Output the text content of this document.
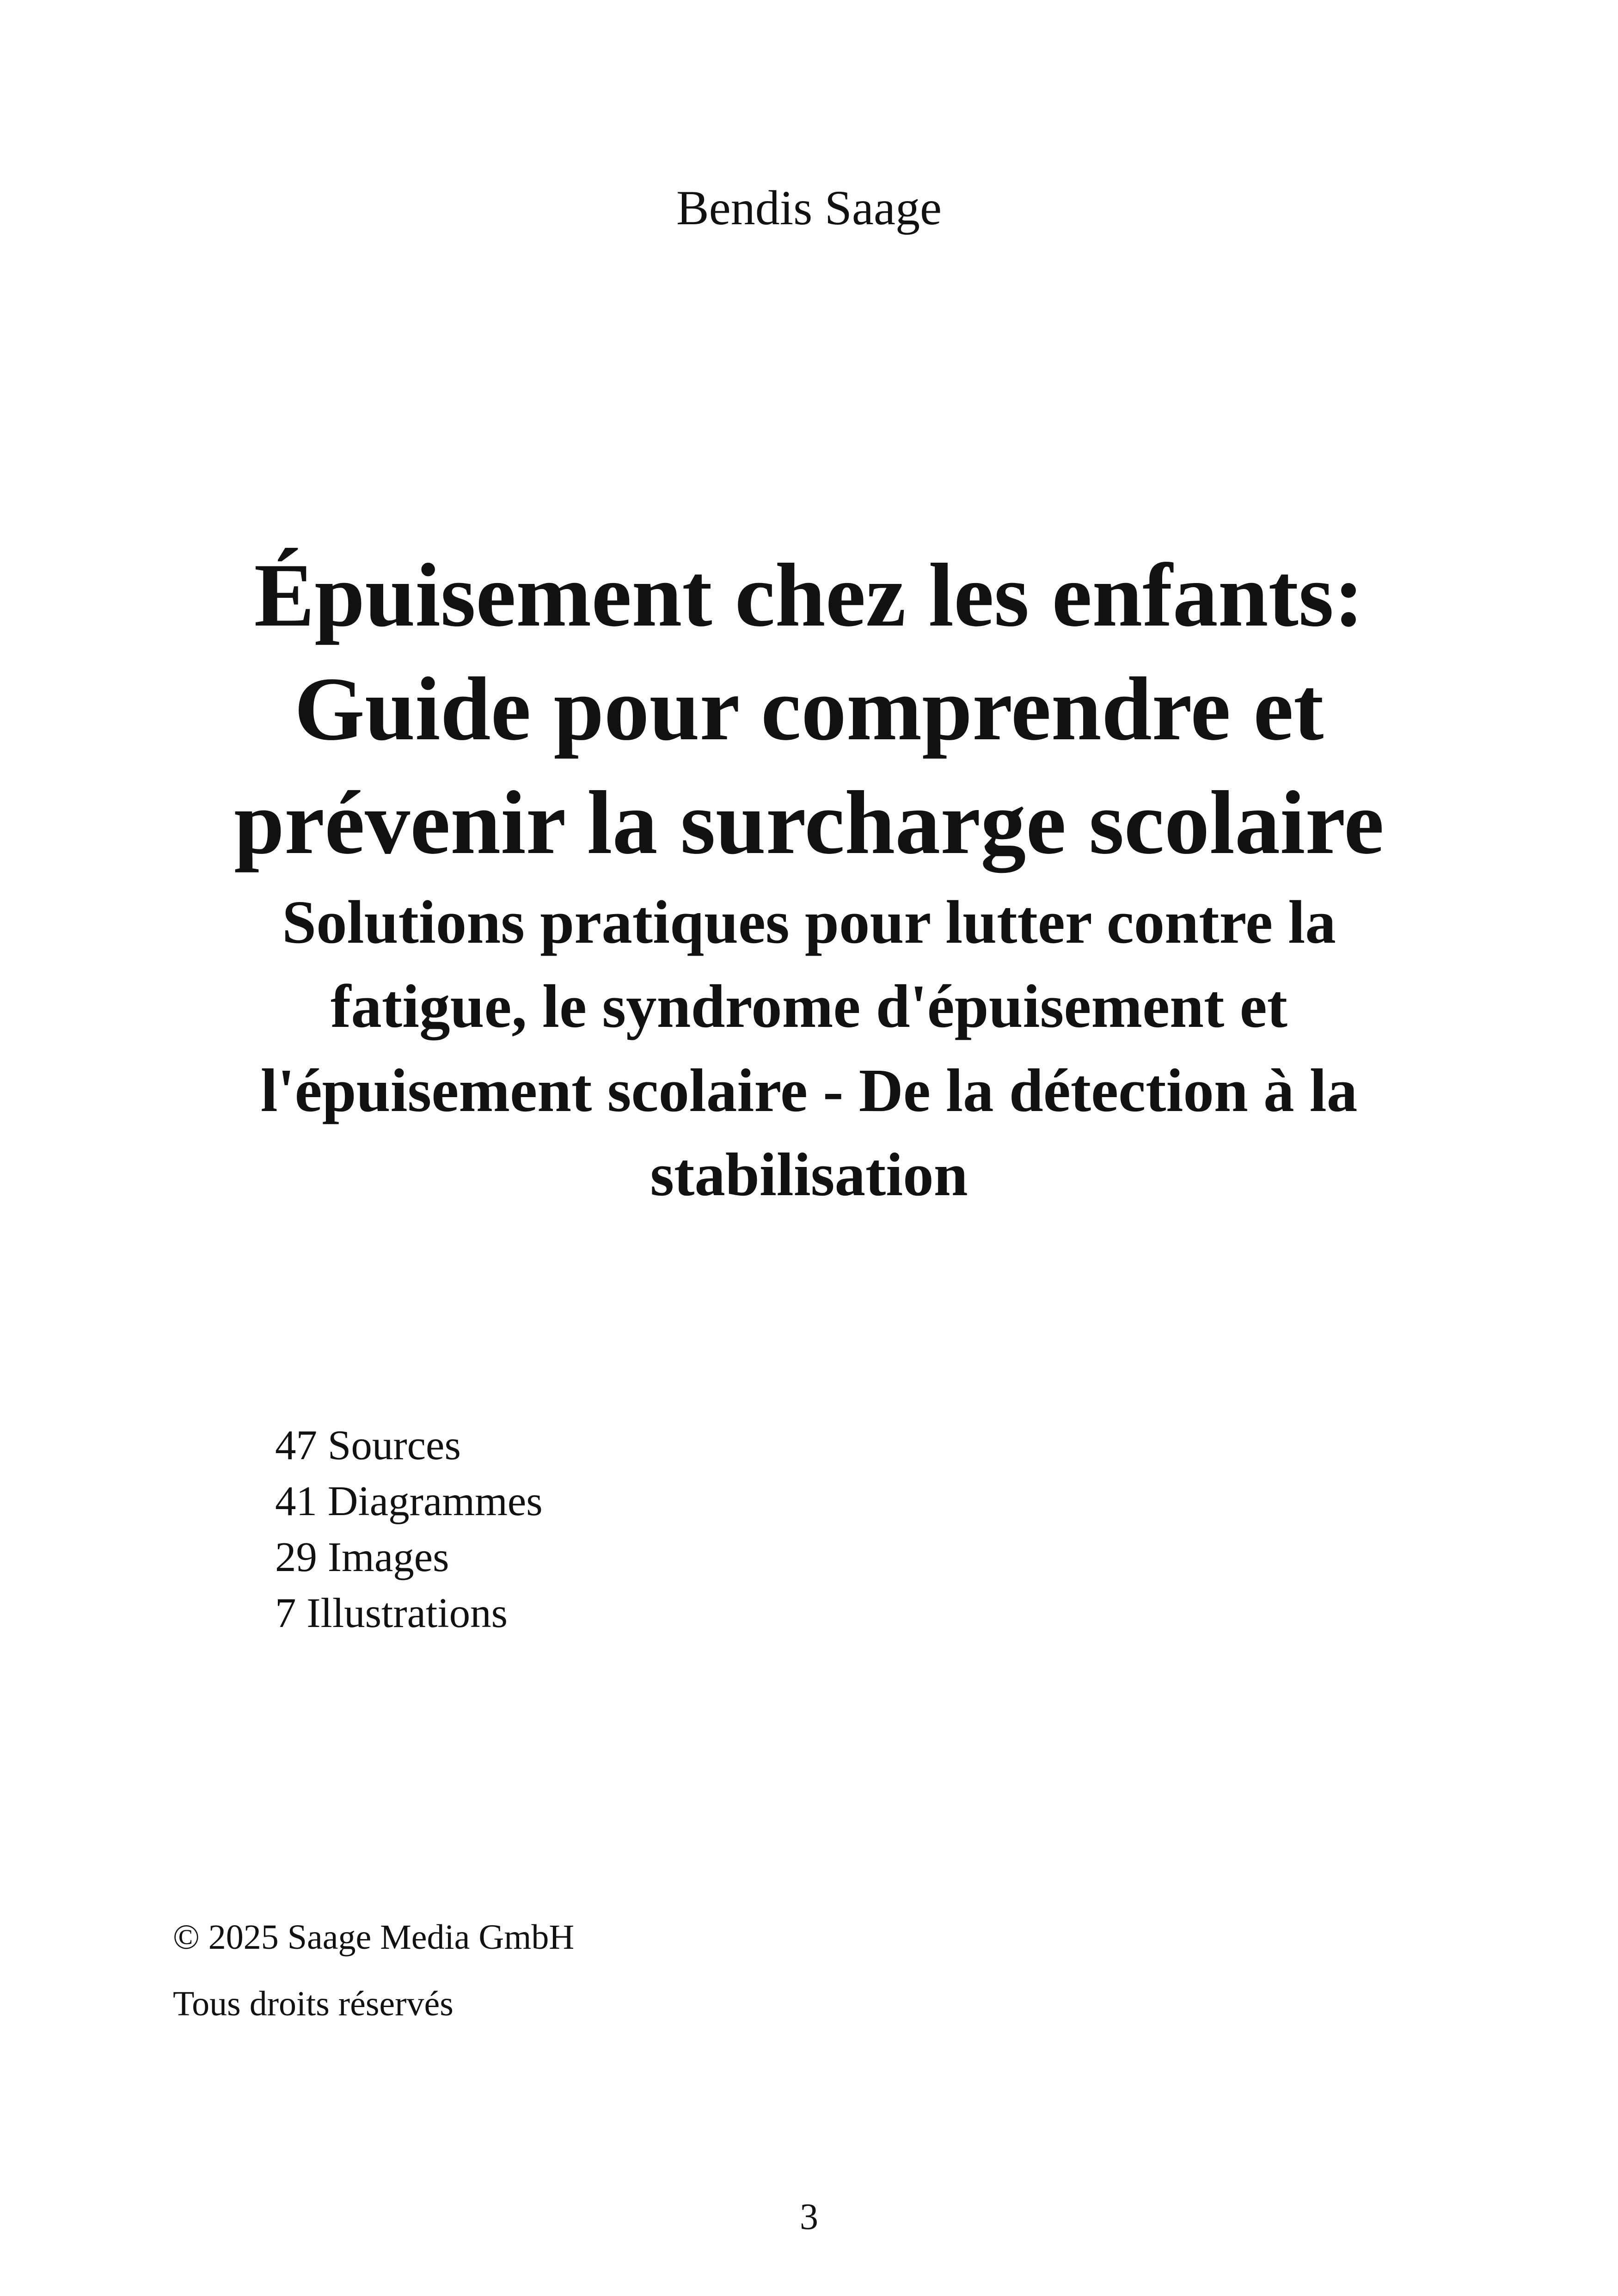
Bendis Saage
Épuisement chez les enfants:
Guide pour comprendre et
prévenir la surcharge scolaire
Solutions pratiques pour lutter contre la
fatigue, le syndrome d'épuisement et
l'épuisement scolaire - De la détection à la
stabilisation
47 Sources
41 Diagrammes
29 Images
7 Illustrations
© 2025 Saage Media GmbH
Tous droits réservés
3
